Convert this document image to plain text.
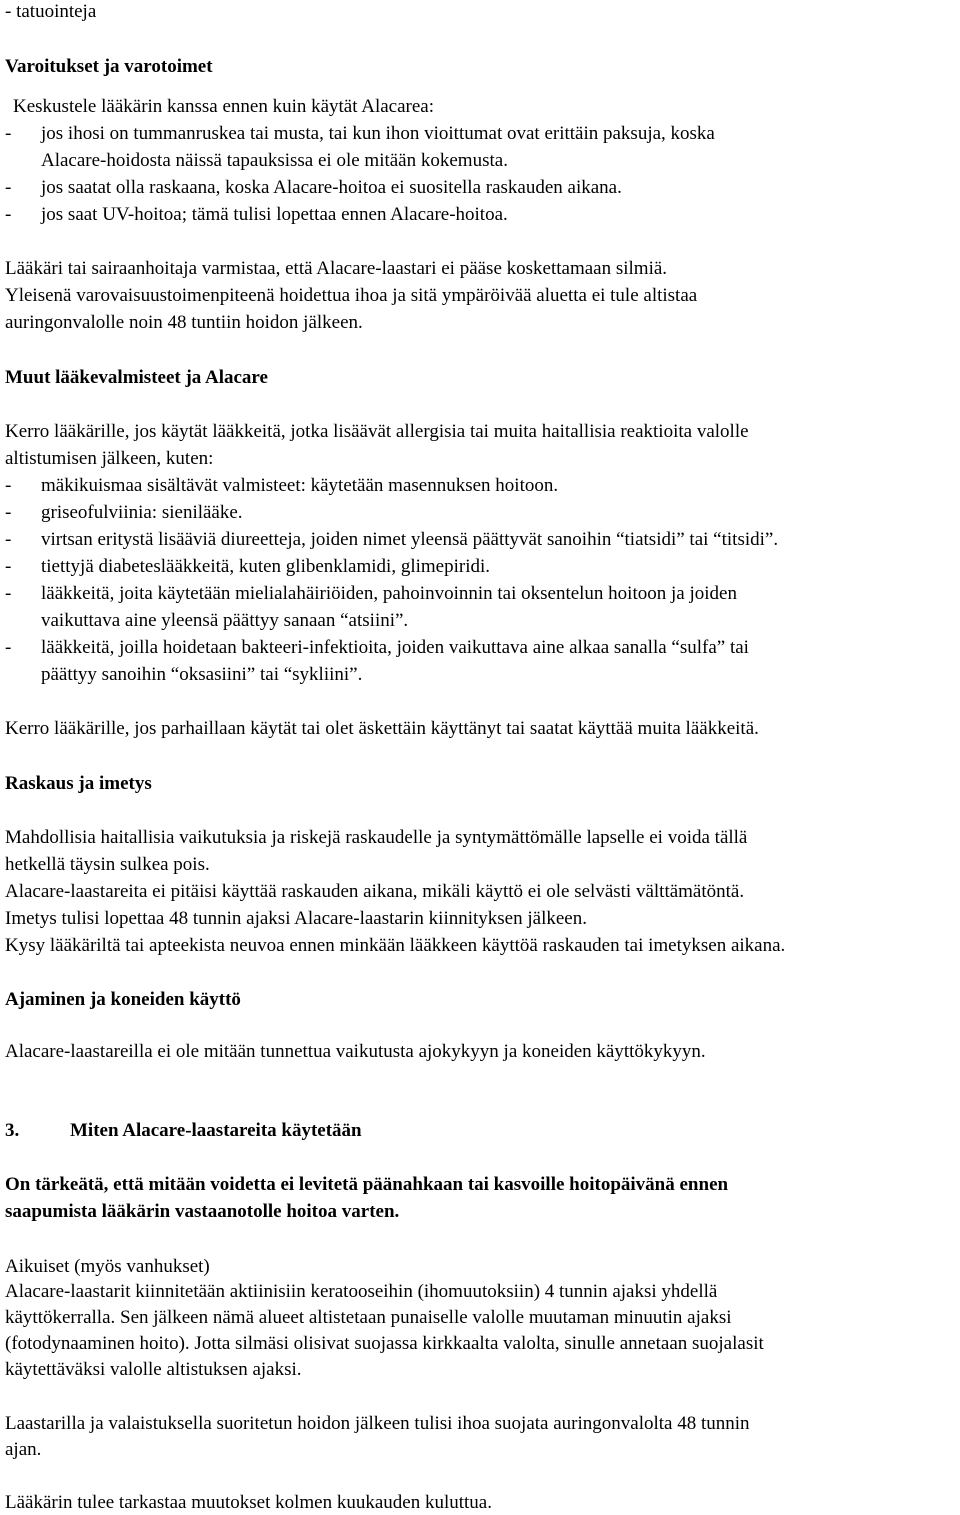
- tatuointeja
Varoitukset ja varotoimet
Keskustele lääkärin kanssa ennen kuin käytät Alacarea:
- jos ihosi on tummanruskea tai musta, tai kun ihon vioittumat ovat erittäin paksuja, koska
Alacare-hoidosta näissä tapauksissa ei ole mitään kokemusta.
- jos saatat olla raskaana, koska Alacare-hoitoa ei suositella raskauden aikana.
- jos saat UV-hoitoa; tämä tulisi lopettaa ennen Alacare-hoitoa.
Lääkäri tai sairaanhoitaja varmistaa, että Alacare-laastari ei pääse koskettamaan silmiä.
Yleisenä varovaisuustoimenpiteenä hoidettua ihoa ja sitä ympäröivää aluetta ei tule altistaa
auringonvalolle noin 48 tuntiin hoidon jälkeen.
Muut lääkevalmisteet ja Alacare
Kerro lääkärille, jos käytät lääkkeitä, jotka lisäävät allergisia tai muita haitallisia reaktioita valolle
altistumisen jälkeen, kuten:
- mäkikuismaa sisältävät valmisteet: käytetään masennuksen hoitoon.
- griseofulviinia: sienilääke.
- virtsan eritystä lisääviä diureetteja, joiden nimet yleensä päättyvät sanoihin “tiatsidi” tai “titsidi”.
- tiettyjä diabeteslääkkeitä, kuten glibenklamidi, glimepiridi.
- lääkkeitä, joita käytetään mielialahäiriöiden, pahoinvoinnin tai oksentelun hoitoon ja joiden
vaikuttava aine yleensä päättyy sanaan “atsiini”.
- lääkkeitä, joilla hoidetaan bakteeri-infektioita, joiden vaikuttava aine alkaa sanalla “sulfa” tai
päättyy sanoihin “oksasiini” tai “sykliini”.
Kerro lääkärille, jos parhaillaan käytät tai olet äskettäin käyttänyt tai saatat käyttää muita lääkkeitä.
Raskaus ja imetys
Mahdollisia haitallisia vaikutuksia ja riskejä raskaudelle ja syntymättömälle lapselle ei voida tällä
hetkellä täysin sulkea pois.
Alacare-laastareita ei pitäisi käyttää raskauden aikana, mikäli käyttö ei ole selvästi välttämätöntä.
Imetys tulisi lopettaa 48 tunnin ajaksi Alacare-laastarin kiinnityksen jälkeen.
Kysy lääkäriltä tai apteekista neuvoa ennen minkään lääkkeen käyttöä raskauden tai imetyksen aikana.
Ajaminen ja koneiden käyttö
Alacare-laastareilla ei ole mitään tunnettua vaikutusta ajokykyyn ja koneiden käyttökykyyn.
3.	Miten Alacare-laastareita käytetään
On tärkeätä, että mitään voidetta ei levitetä päänahkaan tai kasvoille hoitopäivänä ennen
saapumista lääkärin vastaanotolle hoitoa varten.
Aikuiset (myös vanhukset)
Alacare-laastarit kiinnitetään aktiinisiin keratooseihin (ihomuutoksiin) 4 tunnin ajaksi yhdellä
käyttökerralla. Sen jälkeen nämä alueet altistetaan punaiselle valolle muutaman minuutin ajaksi
(fotodynaaminen hoito). Jotta silmäsi olisivat suojassa kirkkaalta valolta, sinulle annetaan suojalasit
käytettäväksi valolle altistuksen ajaksi.
Laastarilla ja valaistuksella suoritetun hoidon jälkeen tulisi ihoa suojata auringonvalolta 48 tunnin
ajan.
Lääkärin tulee tarkastaa muutokset kolmen kuukauden kuluttua.
